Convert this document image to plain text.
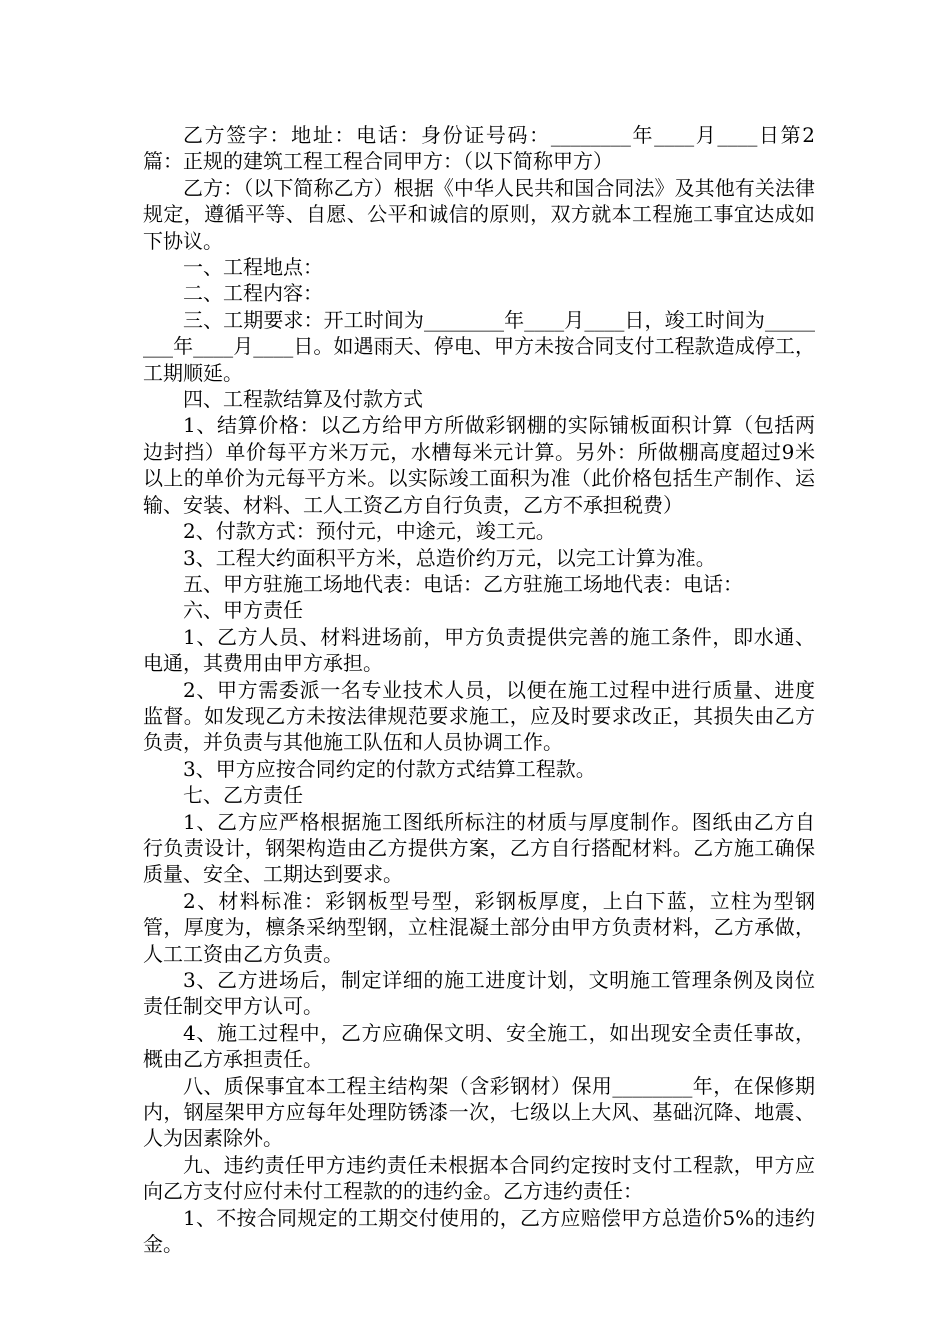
乙方签字：地址：电话：身份证号码：________年____月____日第2篇：正规的建筑工程工程合同甲方：（以下简称甲方）

乙方：（以下简称乙方）根据《中华人民共和国合同法》及其他有关法律规定，遵循平等、自愿、公平和诚信的原则，双方就本工程施工事宜达成如下协议。

一、工程地点：

二、工程内容：

三、工期要求：开工时间为________年____月____日，竣工时间为________年____月____日。如遇雨天、停电、甲方未按合同支付工程款造成停工，工期顺延。

四、工程款结算及付款方式

1、结算价格：以乙方给甲方所做彩钢棚的实际铺板面积计算（包括两边封挡）单价每平方米万元，水槽每米元计算。另外：所做棚高度超过9米以上的单价为元每平方米。以实际竣工面积为准（此价格包括生产制作、运输、安装、材料、工人工资乙方自行负责，乙方不承担税费）

2、付款方式：预付元，中途元，竣工元。

3、工程大约面积平方米，总造价约万元，以完工计算为准。

五、甲方驻施工场地代表：电话：乙方驻施工场地代表：电话：

六、甲方责任

1、乙方人员、材料进场前，甲方负责提供完善的施工条件，即水通、电通，其费用由甲方承担。

2、甲方需委派一名专业技术人员，以便在施工过程中进行质量、进度监督。如发现乙方未按法律规范要求施工，应及时要求改正，其损失由乙方负责，并负责与其他施工队伍和人员协调工作。

3、甲方应按合同约定的付款方式结算工程款。

七、乙方责任

1、乙方应严格根据施工图纸所标注的材质与厚度制作。图纸由乙方自行负责设计，钢架构造由乙方提供方案，乙方自行搭配材料。乙方施工确保质量、安全、工期达到要求。

2、材料标准：彩钢板型号型，彩钢板厚度，上白下蓝，立柱为型钢管，厚度为，檩条采纳型钢，立柱混凝土部分由甲方负责材料，乙方承做，人工工资由乙方负责。

3、乙方进场后，制定详细的施工进度计划，文明施工管理条例及岗位责任制交甲方认可。

4、施工过程中，乙方应确保文明、安全施工，如出现安全责任事故，概由乙方承担责任。

八、质保事宜本工程主结构架（含彩钢材）保用________年，在保修期内，钢屋架甲方应每年处理防锈漆一次，七级以上大风、基础沉降、地震、人为因素除外。

九、违约责任甲方违约责任未根据本合同约定按时支付工程款，甲方应向乙方支付应付未付工程款的的违约金。乙方违约责任：

1、不按合同规定的工期交付使用的，乙方应赔偿甲方总造价5%的违约金。
